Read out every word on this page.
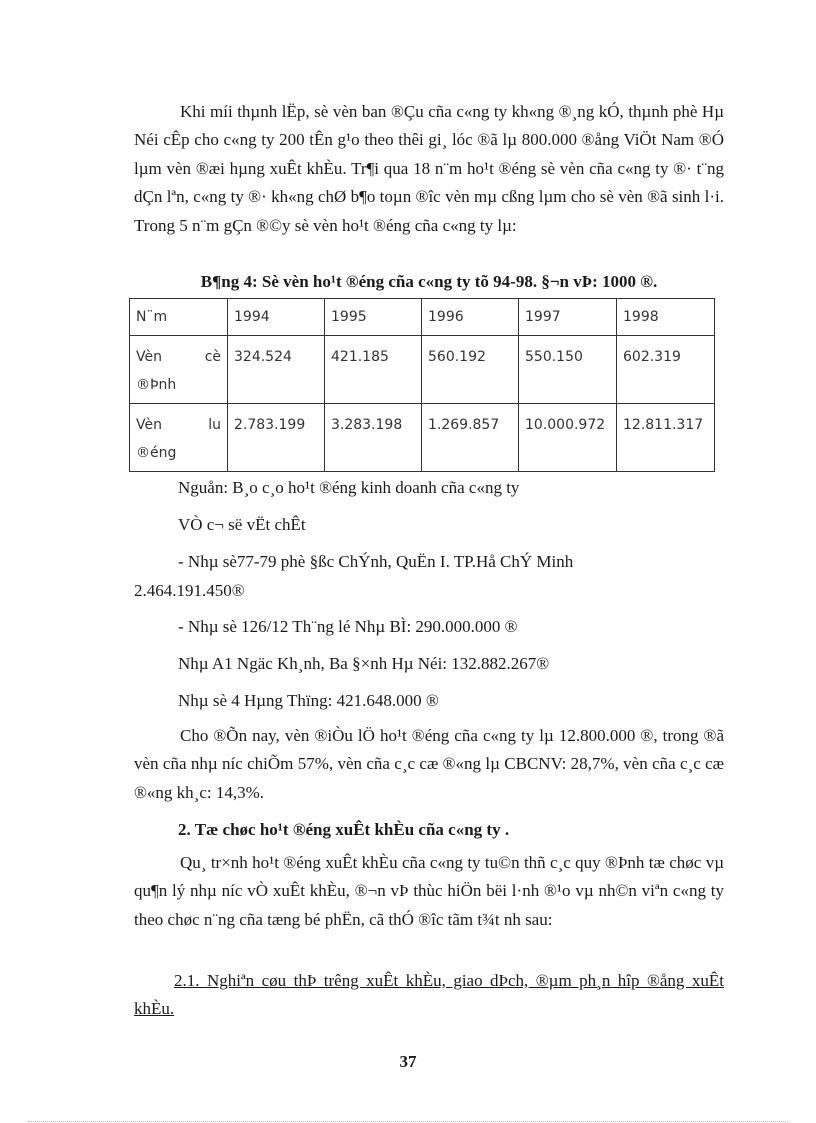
Khi míi thµnh lËp, sè vèn ban ®Çu cña c«ng ty kh«ng ®¸ng kÓ, thµnh phè Hµ Néi cÊp cho c«ng ty 200 tÊn g¹o theo thêi gi¸ lóc ®ã lµ 800.000 ®ång ViÖt Nam ®Ó lµm vèn ®æi hµng xuÊt khÈu. Tr¶i qua 18 n¨m ho¹t ®éng sè vèn cña c«ng ty ®· t¨ng dÇn lªn, c«ng ty ®· kh«ng chØ b¶o toµn ®îc vèn mµ cßng lµm cho sè vèn ®ã sinh l·i. Trong 5 n¨m gÇn ®©y sè vèn ho¹t ®éng cña c«ng ty lµ:

B¶ng 4: Sè vèn ho¹t ®éng cña c«ng ty tõ 94-98. §¬n vÞ: 1000 ®.

N¨m	1994	1995	1996	1997	1998

Vèn cè
®Þnh	324.524	421.185	560.192	550.150	602.319

Vèn lu
®éng	2.783.199	3.283.198	1.269.857	10.000.972	12.811.317

Nguån: B¸o c¸o ho¹t ®éng kinh doanh cña c«ng ty

VÒ c¬ së vËt chÊt

- Nhµ sè77-79 phè §ßc ChÝnh, QuËn I. TP.Hå ChÝ Minh

2.464.191.450®

- Nhµ sè 126/12 Th¨ng lé Nhµ BÌ: 290.000.000 ®

Nhµ A1 Ngäc Kh¸nh, Ba §×nh Hµ Néi: 132.882.267®

Nhµ sè 4 Hµng Thïng: 421.648.000 ®

Cho ®Õn nay, vèn ®iÒu lÖ ho¹t ®éng cña c«ng ty lµ 12.800.000 ®, trong ®ã vèn cña nhµ níc chiÕm 57%, vèn cña c¸c cæ ®«ng lµ CBCNV: 28,7%, vèn cña c¸c cæ ®«ng kh¸c: 14,3%.

2. Tæ chøc ho¹t ®éng xuÊt khÈu cña c«ng ty .

Qu¸ tr×nh ho¹t ®éng xuÊt khÈu cña c«ng ty tu©n thñ c¸c quy ®Þnh tæ chøc vµ qu¶n lý nhµ níc vÒ xuÊt khÈu, ®¬n vÞ thùc hiÖn bëi l·nh ®¹o vµ nh©n viªn c«ng ty theo chøc n¨ng cña tæng bé phËn, cã thÓ ®îc tãm t¾t nh sau:

2.1. Nghiªn cøu thÞ trêng xuÊt khÈu, giao dÞch, ®µm ph¸n hîp ®ång xuÊt khÈu.

37
